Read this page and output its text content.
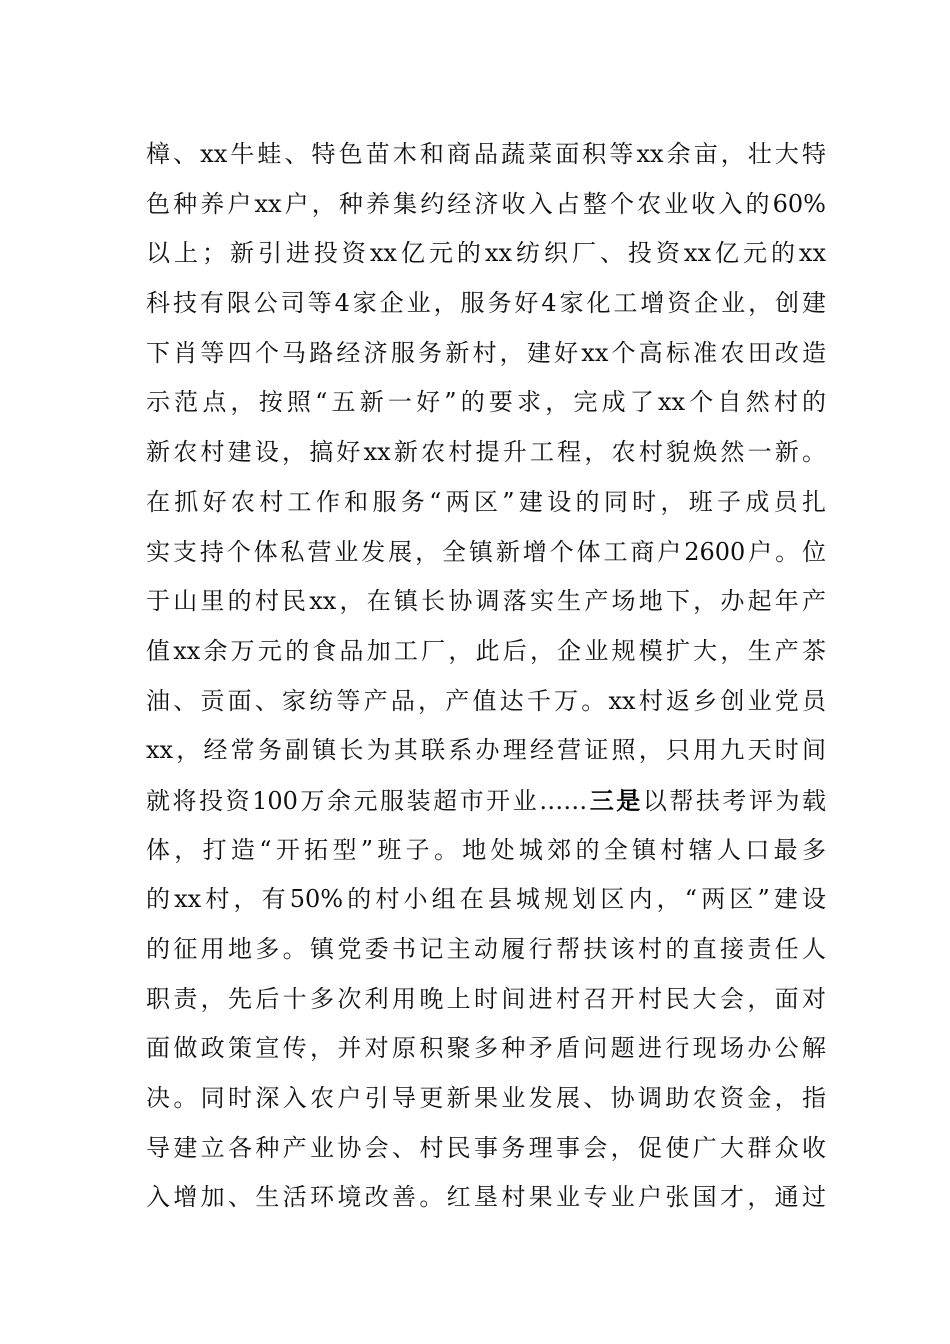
樟、xx牛蛙、特色苗木和商品蔬菜面积等xx余亩，壮大特
色种养户xx户，种养集约经济收入占整个农业收入的60%
以上；新引进投资xx亿元的xx纺织厂、投资xx亿元的xx
科技有限公司等4家企业，服务好4家化工增资企业，创建
下肖等四个马路经济服务新村，建好xx个高标准农田改造
示范点，按照“五新一好”的要求，完成了xx个自然村的
新农村建设，搞好xx新农村提升工程，农村貌焕然一新。
在抓好农村工作和服务“两区”建设的同时，班子成员扎
实支持个体私营业发展，全镇新增个体工商户2600户。位
于山里的村民xx，在镇长协调落实生产场地下，办起年产
值xx余万元的食品加工厂，此后，企业规模扩大，生产茶
油、贡面、家纺等产品，产值达千万。xx村返乡创业党员
xx，经常务副镇长为其联系办理经营证照，只用九天时间
就将投资100万余元服装超市开业……三是以帮扶考评为载
体，打造“开拓型”班子。地处城郊的全镇村辖人口最多
的xx村，有50%的村小组在县城规划区内，“两区”建设
的征用地多。镇党委书记主动履行帮扶该村的直接责任人
职责，先后十多次利用晚上时间进村召开村民大会，面对
面做政策宣传，并对原积聚多种矛盾问题进行现场办公解
决。同时深入农户引导更新果业发展、协调助农资金，指
导建立各种产业协会、村民事务理事会，促使广大群众收
入增加、生活环境改善。红垦村果业专业户张国才，通过
